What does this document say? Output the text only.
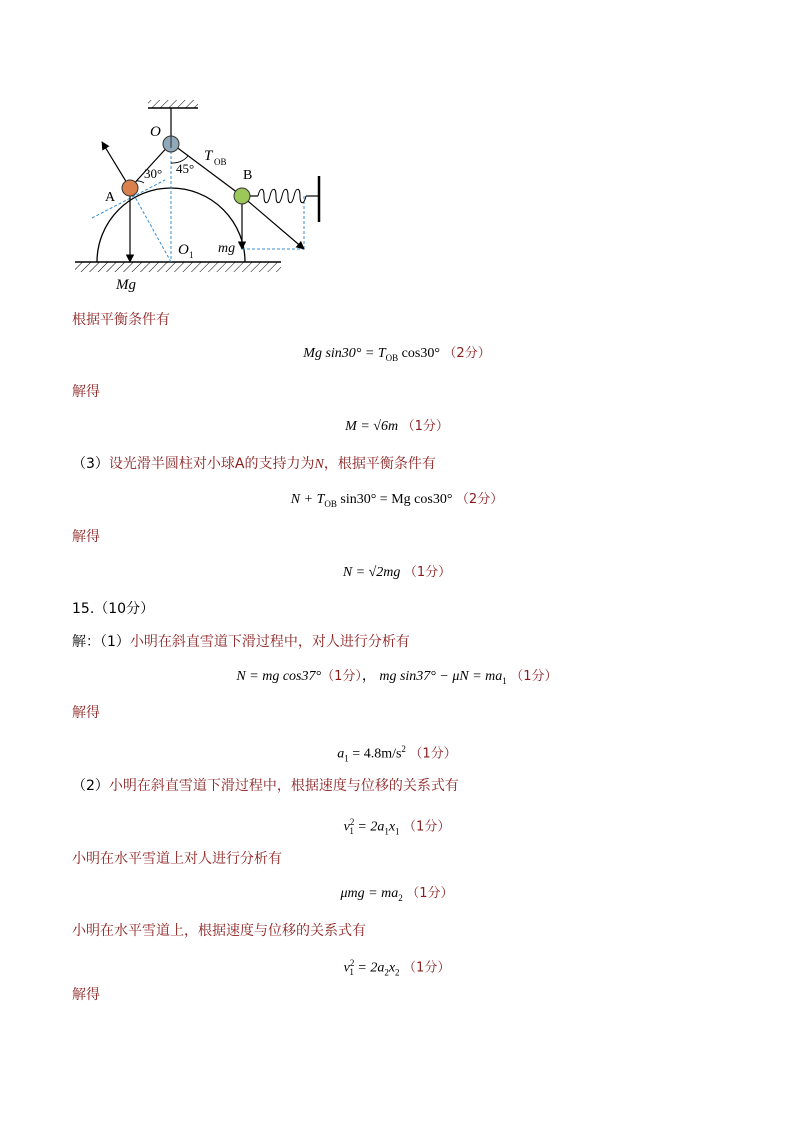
O
A
B
T OB
30° 45°
O 1 mg
Mg
根据平衡条件有
Mg $\sin 30^\circ = T_{OB}$ cos30° （2分）
解得
M = √6m （1分）
（3）设光滑半圆柱对小球A的支持力为N，根据平衡条件有
$N + T_{OB}$ sin30° = Mg cos30° （2分）
解得
N = √2mg （1分）
15.（10分）
解：（1）小明在斜直雪道下滑过程中，对人进行分析有
N = mg cos37°（1分）， mg $\sin 37^\circ - \mu N = ma_1$ （1分）
解得
$a_1 = 4.8m/s^2$ （1分）
（2）小明在斜直雪道下滑过程中，根据速度与位移的关系式有
$v^2_1 = 2a_1x_1$ （1分）
小明在水平雪道上对人进行分析有
$\mu mg = ma_2$ （1分）
小明在水平雪道上，根据速度与位移的关系式有
$v^2_1 = 2a_2x_2$ （1分）
解得
